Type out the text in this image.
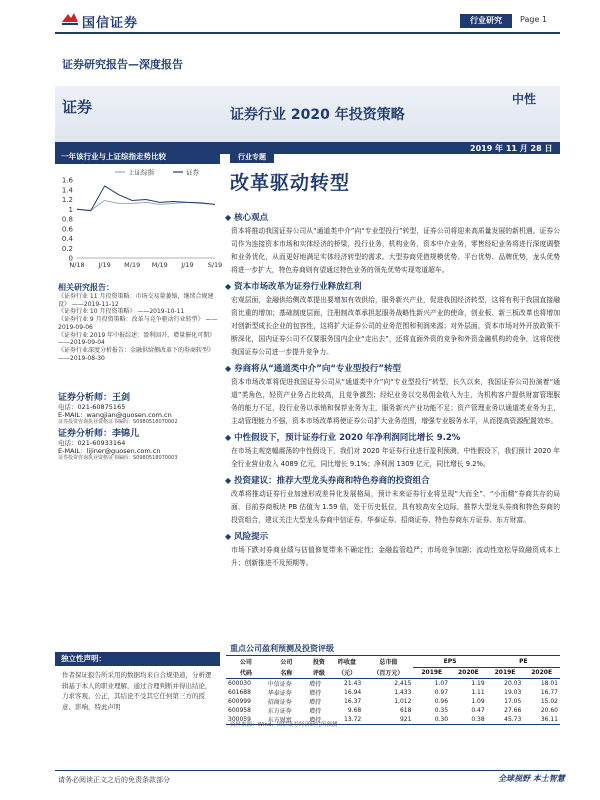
国信证券	行业研究	Page 1
证券研究报告—深度报告
证券	证券行业 2020 年投资策略
中性
2019 年 11 月 28 日
一年该行业与上证综指走势比较
0
0.2
0.4
0.6
0.8
1
1.2
1.4
1.6
N/18 J/19 M/19 M/19 J/19 S/19
上证综指	证券
相关研究报告：
《证券行业 11 月投资策略：市场交易量萎缩，继续合规建设》 ——2019-11-12
《证券行业 10 月投资策略》 ——2019-10-11
《证券行业 9 月投资策略：改革与竞争驱动行业转型》 ——2019-09-06
《证券行业 2019 年中报综述：盈利回升，增量催化可期》 ——2019-09-04
《证券行业深度分析报告：金融供给侧改革下的券商转型》 ——2019-08-30
证券分析师：王剑
电话：021-60875165
E-MAIL：wangjian@guosen.com.cn
证券投资咨询执业资格证书编码：S0980518070002
证券分析师：李锦儿
电话：021-60933164
E-MAIL：lijiner@guosen.com.cn
证券投资咨询执业资格证书编码：S0980518070003
独立性声明：
作者保证报告所采用的数据均来自合规渠道，分析逻辑基于本人的职业理解，通过合理判断并得出结论，力求客观、公正，其结论不受其它任何第三方的授意、影响，特此声明
行业专题
改革驱动转型
◆ 核心观点
资本将推动我国证券公司从“通道类中介”向“专业型投行”转型，证券公司将迎来高质量发展的新机遇。证券公司作为连接资本市场和实体经济的桥梁，投行业务，机构业务，资本中介业务，零售经纪业务将进行深度调整和业务优化，从而更好地满足实体经济转型的需求。大型券商凭借规模优势、平台优势、品牌优势，龙头优势将进一步扩大，特色券商则有望通过特色业务的领先优势实现弯道超车。
◆ 资本市场改革为证券行业释放红利
宏观层面，金融供给侧改革提出要增加有效供给，服务新兴产业，促进我国经济转型，这将有利于我国直接融资比重的增加；基础制度层面，注册制改革承担起服务战略性新兴产业的使命，创业板、新三板改革也将增加对创新型成长企业的包容性，这将扩大证券公司的业务范围和利润来源；对外层面，资本市场对外开放政策不断深化，国内证券公司不仅要服务国内企业“走出去”，还将直面外资的竞争和外资金融机构的竞争，这将促使我国证券公司进一步提升竞争力。
◆ 券商将从“通道类中介”向“专业型投行”转型
资本市场改革将促进我国证券公司从“通道类中介”向“专业型投行”转型，长久以来，我国证券公司扮演着“通道”类角色，轻资产业务占比较高，且竞争激烈；经纪业务以交易佣金收入为主，为机构客户提供财富管理服务的能力不足，投行业务以承销和保荐业务为主，服务新兴产业功能不足；资产管理业务以通道类业务为主，主动管理能力不强，资本市场改革将使证券公司扩大业务范围，增强专业服务水平，从而提高资源配置效率。
◆ 中性假设下，预计证券行业 2020 年净利润同比增长 9.2%
在市场主观宽幅震荡的中性假设下，我们对 2020 年证券行业进行盈利预测，中性假设下，我们预计 2020 年全行业营业收入 4089 亿元，同比增长 9.1%；净利润 1309 亿元，同比增长 9.2%。
◆ 投资建议：推荐大型龙头券商和特色券商的投资组合
改革将推动证券行业加速形成差异化发展格局，预计未来证券行业将呈现“大而全”、“小而精”券商共存的局面，目前券商板块 PB 估值为 1.59 倍，处于历史低位，具有较高安全边际，推荐大型龙头券商和特色券商的投资组合，建议关注大型龙头券商中信证券、华泰证券、招商证券、特色券商东方证券、东方财富。
◆ 风险提示
市场下跌对券商业绩与估值修复带来不确定性；金融监管趋严；市场竞争加剧；流动性宽松导致融资成本上升；创新推进不及预期等。
重点公司盈利预测及投资评级
公司	公司	投资	昨收盘	总市值	EPS		PE	
代码	名称	评级	（元）	（百万元）	2019E	2020E	2019E	2020E
600030	中信证券	增持	21.43	2,415	1.07	1.19	20.03	18.01
601688	华泰证券	增持	16.94	1,433	0.97	1.11	19.03	16.77
600999	招商证券	增持	16.37	1,012	0.96	1.09	17.05	15.02
600958	东方证券	增持	9.68	618	0.35	0.47	27.66	20.60
300059	东方财富	增持	13.72	921	0.30	0.38	45.73	36.11
资料来源：Wind、国信证券经济研究所预测
请务必阅读正文之后的免责条款部分	全球视野 本土智慧
